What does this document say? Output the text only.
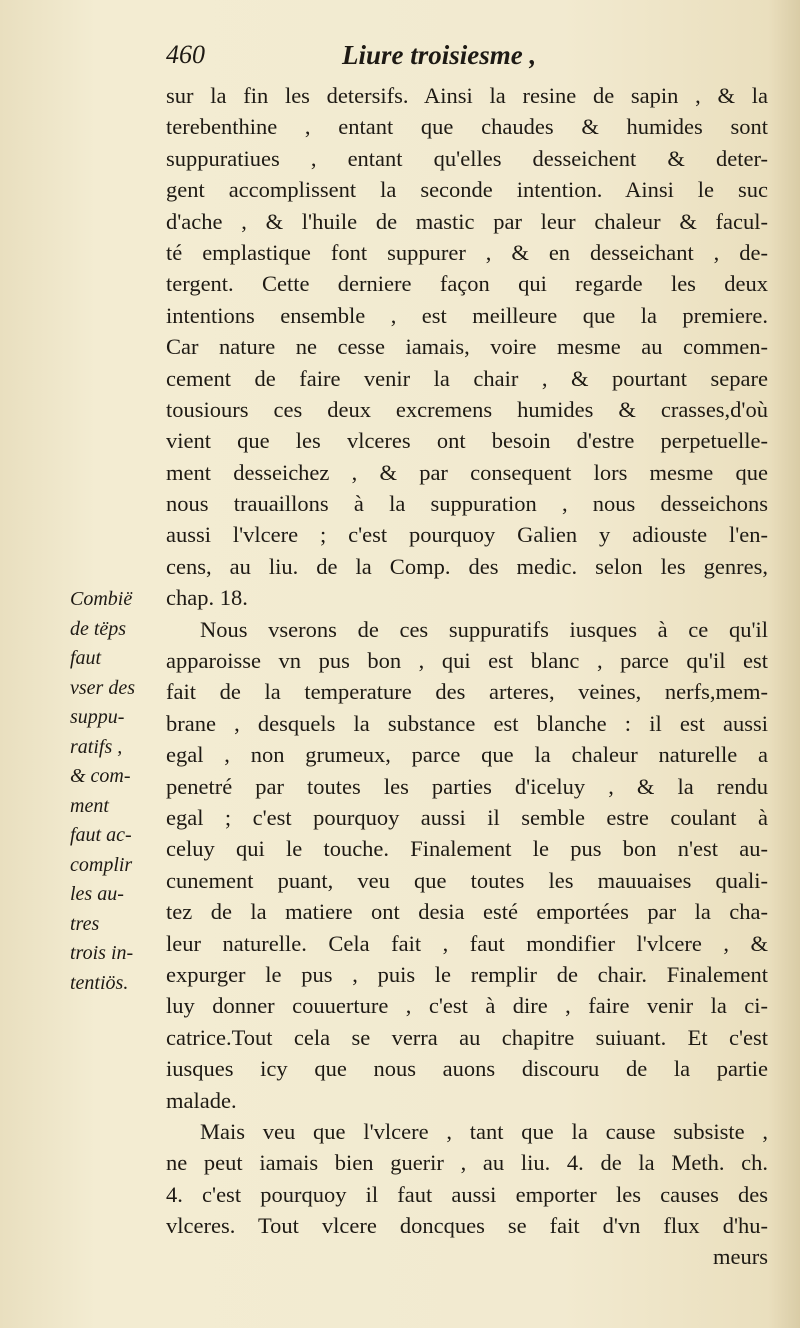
460	Liure troisiesme ,
Combië
de tëps
faut
vser des
suppu-
ratifs ,
& com-
ment
faut ac-
complir
les au-
tres
trois in-
tentiös.
sur la fin les detersifs. Ainsi la resine de sapin , & la
terebenthine , entant que chaudes & humides sont
suppuratiues , entant qu'elles desseichent & deter-
gent accomplissent la seconde intention. Ainsi le suc
d'ache , & l'huile de mastic par leur chaleur & facul-
té emplastique font suppurer , & en desseichant , de-
tergent. Cette derniere façon qui regarde les deux
intentions ensemble , est meilleure que la premiere.
Car nature ne cesse iamais, voire mesme au commen-
cement de faire venir la chair , & pourtant separe
tousiours ces deux excremens humides & crasses,d'où
vient que les vlceres ont besoin d'estre perpetuelle-
ment desseichez , & par consequent lors mesme que
nous trauaillons à la suppuration , nous desseichons
aussi l'vlcere ; c'est pourquoy Galien y adiouste l'en-
cens, au liu. de la Comp. des medic. selon les genres,
chap. 18.
Nous vserons de ces suppuratifs iusques à ce qu'il
apparoisse vn pus bon , qui est blanc , parce qu'il est
fait de la temperature des arteres, veines, nerfs,mem-
brane , desquels la substance est blanche : il est aussi
egal , non grumeux, parce que la chaleur naturelle a
penetré par toutes les parties d'iceluy , & la rendu
egal ; c'est pourquoy aussi il semble estre coulant à
celuy qui le touche. Finalement le pus bon n'est au-
cunement puant, veu que toutes les mauuaises quali-
tez de la matiere ont desia esté emportées par la cha-
leur naturelle. Cela fait , faut mondifier l'vlcere , &
expurger le pus , puis le remplir de chair. Finalement
luy donner couuerture , c'est à dire , faire venir la ci-
catrice.Tout cela se verra au chapitre suiuant. Et c'est
iusques icy que nous auons discouru de la partie
malade.
Mais veu que l'vlcere , tant que la cause subsiste ,
ne peut iamais bien guerir , au liu. 4. de la Meth. ch.
4. c'est pourquoy il faut aussi emporter les causes des
vlceres. Tout vlcere doncques se fait d'vn flux d'hu-
meurs
